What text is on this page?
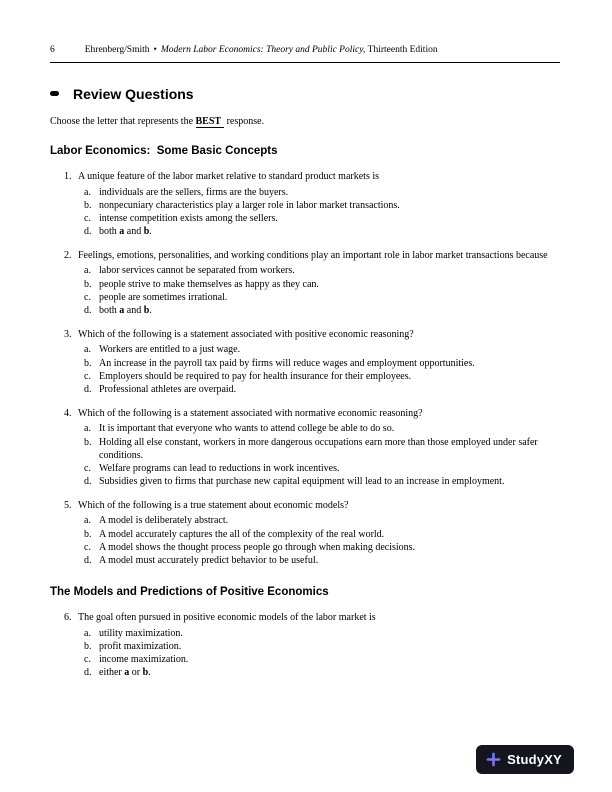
6	Ehrenberg/Smith • Modern Labor Economics: Theory and Public Policy,
Thirteenth Edition
Review Questions
Choose the letter that represents the BEST response.
Labor Economics:  Some Basic Concepts
1. A unique feature of the labor market relative to standard product markets is
a. individuals are the sellers, firms are the buyers.
b. nonpecuniary characteristics play a larger role in labor market transactions.
c. intense competition exists among the sellers.
d. both a and b.
2. Feelings, emotions, personalities, and working conditions play an important role in labor market transactions because
a. labor services cannot be separated from workers.
b. people strive to make themselves as happy as they can.
c. people are sometimes irrational.
d. both a and b.
3. Which of the following is a statement associated with positive economic reasoning?
a. Workers are entitled to a just wage.
b. An increase in the payroll tax paid by firms will reduce wages and employment opportunities.
c. Employers should be required to pay for health insurance for their employees.
d. Professional athletes are overpaid.
4. Which of the following is a statement associated with normative economic reasoning?
a. It is important that everyone who wants to attend college be able to do so.
b. Holding all else constant, workers in more dangerous occupations earn more than those employed under safer conditions.
c. Welfare programs can lead to reductions in work incentives.
d. Subsidies given to firms that purchase new capital equipment will lead to an increase in employment.
5. Which of the following is a true statement about economic models?
a. A model is deliberately abstract.
b. A model accurately captures the all of the complexity of the real world.
c. A model shows the thought process people go through when making decisions.
d. A model must accurately predict behavior to be useful.
The Models and Predictions of Positive Economics
6. The goal often pursued in positive economic models of the labor market is
a. utility maximization.
b. profit maximization.
c. income maximization.
d. either a or b.
StudyXY
